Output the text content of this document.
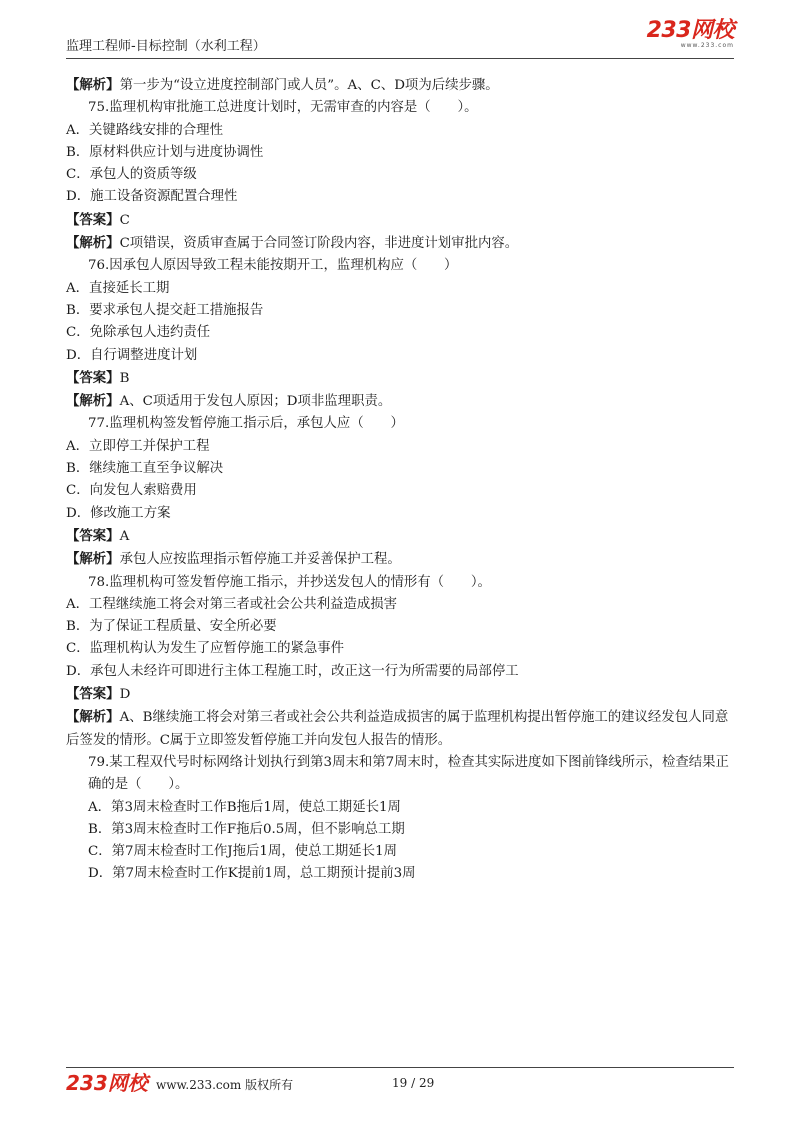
监理工程师-目标控制（水利工程）
233网校
www.233.com
【解析】第一步为“设立进度控制部门或人员”。A、C、D项为后续步骤。
75.监理机构审批施工总进度计划时，无需审查的内容是（　　）。
A．关键路线安排的合理性
B．原材料供应计划与进度协调性
C．承包人的资质等级
D．施工设备资源配置合理性
【答案】C
【解析】C项错误，资质审查属于合同签订阶段内容，非进度计划审批内容。
76.因承包人原因导致工程未能按期开工，监理机构应（　　）
A．直接延长工期
B．要求承包人提交赶工措施报告
C．免除承包人违约责任
D．自行调整进度计划
【答案】B
【解析】A、C项适用于发包人原因；D项非监理职责。
77.监理机构签发暂停施工指示后，承包人应（　　）
A．立即停工并保护工程
B．继续施工直至争议解决
C．向发包人索赔费用
D．修改施工方案
【答案】A
【解析】承包人应按监理指示暂停施工并妥善保护工程。
78.监理机构可签发暂停施工指示，并抄送发包人的情形有（　　）。
A．工程继续施工将会对第三者或社会公共利益造成损害
B．为了保证工程质量、安全所必要
C．监理机构认为发生了应暂停施工的紧急事件
D．承包人未经许可即进行主体工程施工时，改正这一行为所需要的局部停工
【答案】D
【解析】A、B继续施工将会对第三者或社会公共利益造成损害的属于监理机构提出暂停施工的建议经发包人同意后签发的情形。C属于立即签发暂停施工并向发包人报告的情形。
79.某工程双代号时标网络计划执行到第3周末和第7周末时，检查其实际进度如下图前锋线所示，检查结果正确的是（　　）。
A．第3周末检查时工作B拖后1周，使总工期延长1周
B．第3周末检查时工作F拖后0.5周，但不影响总工期
C．第7周末检查时工作J拖后1周，使总工期延长1周
D．第7周末检查时工作K提前1周，总工期预计提前3周
233网校 www.233.com 版权所有	19 / 29
